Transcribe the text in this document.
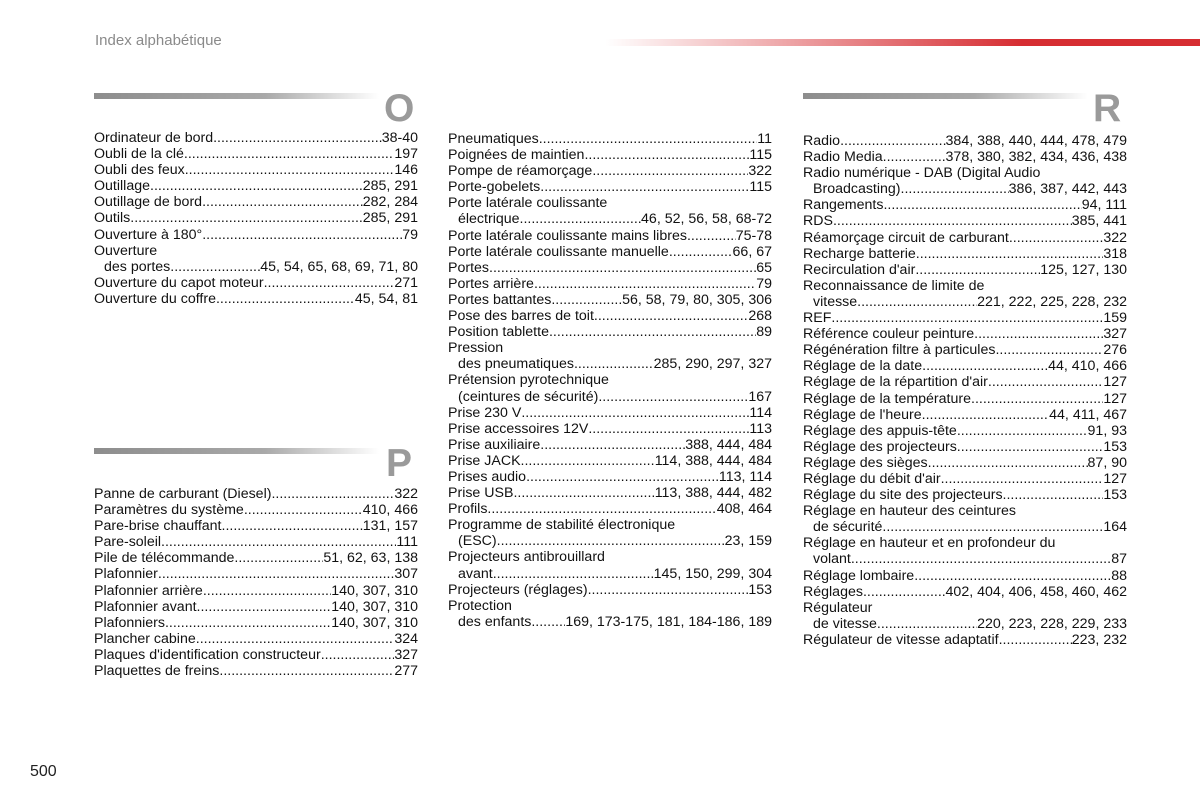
Index alphabétique
O
Ordinateur de bord .....	38-40
Oubli de la clé .....	197
Oubli des feux .....	146
Outillage .....	285, 291
Outillage de bord .....	282, 284
Outils .....	285, 291
Ouverture à 180° .....	79
Ouverture
des portes .....	45, 54, 65, 68, 69, 71, 80
Ouverture du capot moteur .....	271
Ouverture du coffre .....	45, 54, 81
P
Panne de carburant (Diesel) .....	322
Paramètres du système .....	410, 466
Pare-brise chauffant .....	131, 157
Pare-soleil .....	111
Pile de télécommande .....	51, 62, 63, 138
Plafonnier .....	307
Plafonnier arrière .....	140, 307, 310
Plafonnier avant .....	140, 307, 310
Plafonniers .....	140, 307, 310
Plancher cabine .....	324
Plaques d'identification constructeur .....	327
Plaquettes de freins .....	277
Pneumatiques .....	11
Poignées de maintien .....	115
Pompe de réamorçage .....	322
Porte-gobelets .....	115
Porte latérale coulissante
électrique .....	46, 52, 56, 58, 68-72
Porte latérale coulissante mains libres .....	75-78
Porte latérale coulissante manuelle .....	66, 67
Portes .....	65
Portes arrière .....	79
Portes battantes .....	56, 58, 79, 80, 305, 306
Pose des barres de toit .....	268
Position tablette .....	89
Pression
des pneumatiques .....	285, 290, 297, 327
Prétension pyrotechnique
(ceintures de sécurité) .....	167
Prise 230 V .....	114
Prise accessoires 12V .....	113
Prise auxiliaire .....	388, 444, 484
Prise JACK .....	114, 388, 444, 484
Prises audio .....	113, 114
Prise USB .....	113, 388, 444, 482
Profils .....	408, 464
Programme de stabilité électronique
(ESC) .....	23, 159
Projecteurs antibrouillard
avant .....	145, 150, 299, 304
Projecteurs (réglages) .....	153
Protection
des enfants ..... 169, 173-175, 181, 184-186, 189
R
Radio .....	384, 388, 440, 444, 478, 479
Radio Media .....	378, 380, 382, 434, 436, 438
Radio numérique - DAB (Digital Audio
Broadcasting) .....	386, 387, 442, 443
Rangements .....	94, 111
RDS .....	385, 441
Réamorçage circuit de carburant .....	322
Recharge batterie .....	318
Recirculation d'air .....	125, 127, 130
Reconnaissance de limite de
vitesse .....	221, 222, 225, 228, 232
REF .....	159
Référence couleur peinture .....	327
Régénération filtre à particules .....	276
Réglage de la date .....	44, 410, 466
Réglage de la répartition d'air .....	127
Réglage de la température .....	127
Réglage de l'heure .....	44, 411, 467
Réglage des appuis-tête .....	91, 93
Réglage des projecteurs .....	153
Réglage des sièges .....	87, 90
Réglage du débit d'air .....	127
Réglage du site des projecteurs .....	153
Réglage en hauteur des ceintures
de sécurité .....	164
Réglage en hauteur et en profondeur du
volant .....	87
Réglage lombaire .....	88
Réglages .....	402, 404, 406, 458, 460, 462
Régulateur
de vitesse .....	220, 223, 228, 229, 233
Régulateur de vitesse adaptatif .....	223, 232
500
